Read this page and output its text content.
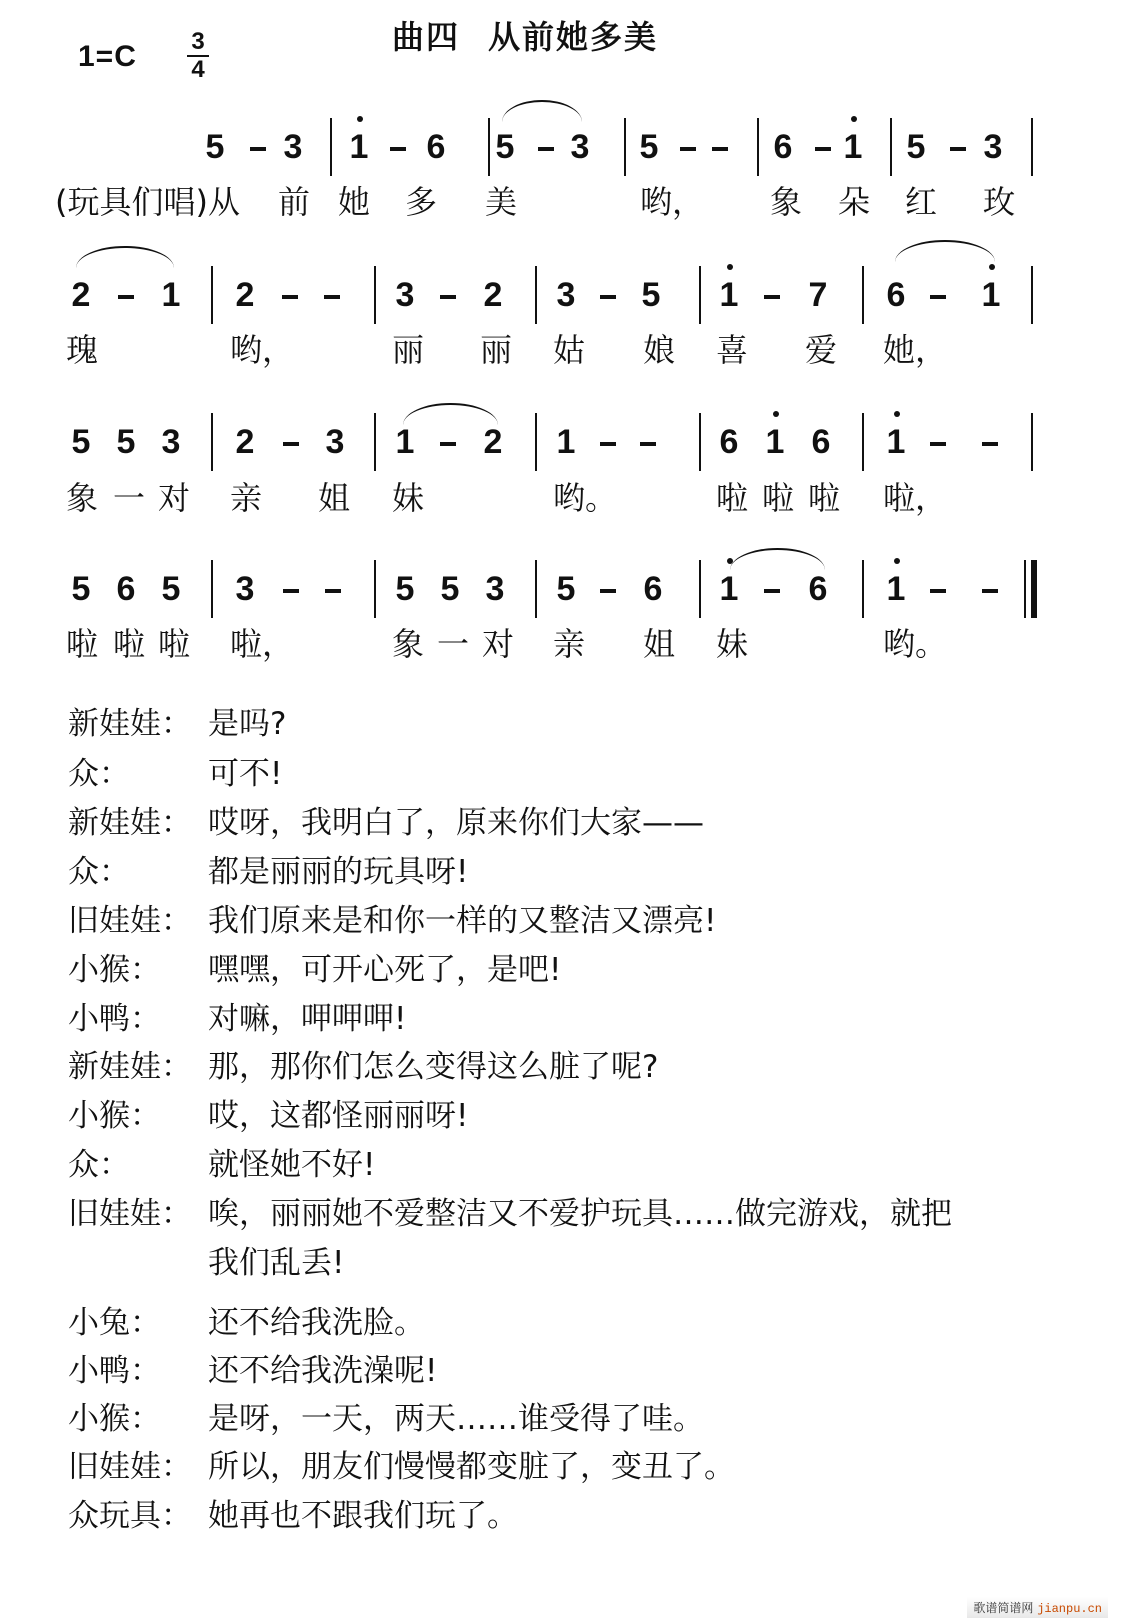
1=C 3
4
曲四 从前她多美
5 3 1 6 5 3 5	6 1 5 3
(玩具们唱)从 前 她 多 美	哟， 象 朵 红 玫
2 1 2	3 2 3 5 1 7 6 1
瑰	哟，	丽 丽 姑 娘 喜 爱 她，
5 5 3 2 3 1 2 1	6 1 6 1
象 一 对 亲 姐 妹	哟。	啦 啦 啦 啦，
5 6 5 3	5 5 3 5 6 1 6 1
啦 啦 啦 啦，	象 一 对 亲 姐 妹	哟。
新娃娃： 是吗?
众：	可不!
新娃娃： 哎呀，我明白了，原来你们大家——
众：	都是丽丽的玩具呀!
旧娃娃： 我们原来是和你一样的又整洁又漂亮!
小猴： 嘿嘿，可开心死了，是吧!
小鸭： 对嘛，呷呷呷!
新娃娃： 那，那你们怎么变得这么脏了呢?
小猴： 哎，这都怪丽丽呀!
众：	就怪她不好!
旧娃娃： 唉，丽丽她不爱整洁又不爱护玩具……做完游戏，就把
我们乱丢!
小兔： 还不给我洗脸。
小鸭： 还不给我洗澡呢!
小猴： 是呀，一天，两天……谁受得了哇。
旧娃娃： 所以，朋友们慢慢都变脏了，变丑了。
众玩具： 她再也不跟我们玩了。
歌谱简谱网 jianpu.cn
